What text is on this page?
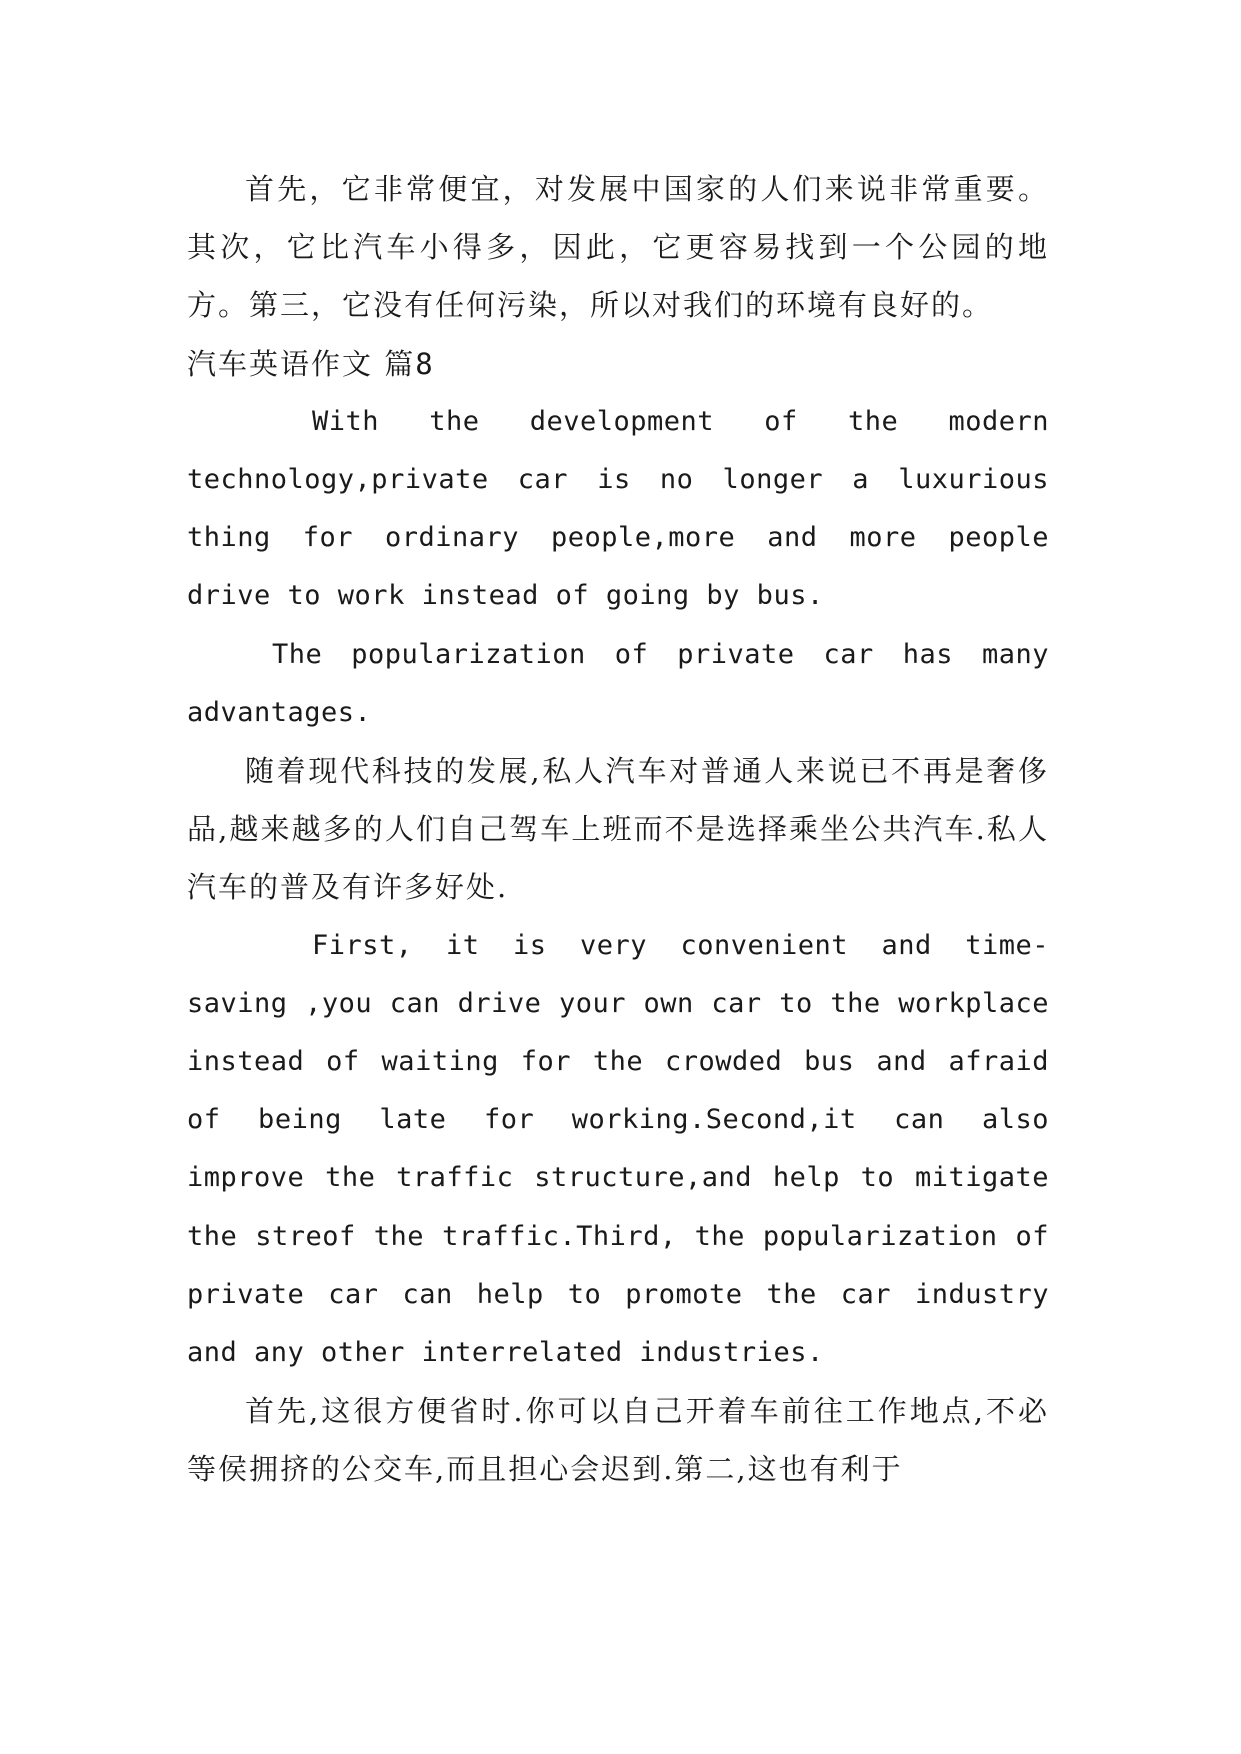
首先，它非常便宜，对发展中国家的人们来说非常重要。其次，它比汽车小得多，因此，它更容易找到一个公园的地方。第三，它没有任何污染，所以对我们的环境有良好的。

汽车英语作文 篇8

With the development of the modern technology,private car is no longer a luxurious thing for ordinary people,more and more people drive to work instead of going by bus.

The popularization of private car has many advantages.

随着现代科技的发展,私人汽车对普通人来说已不再是奢侈品,越来越多的人们自己驾车上班而不是选择乘坐公共汽车.私人汽车的普及有许多好处.

First, it is very convenient and time-saving ,you can drive your own car to the workplace instead of waiting for the crowded bus and afraid of being late for working.Second,it can also improve the traffic structure,and help to mitigate the streof the traffic.Third, the popularization of private car can help to promote the car industry and any other interrelated industries.

首先,这很方便省时.你可以自己开着车前往工作地点,不必等侯拥挤的公交车,而且担心会迟到.第二,这也有利于
